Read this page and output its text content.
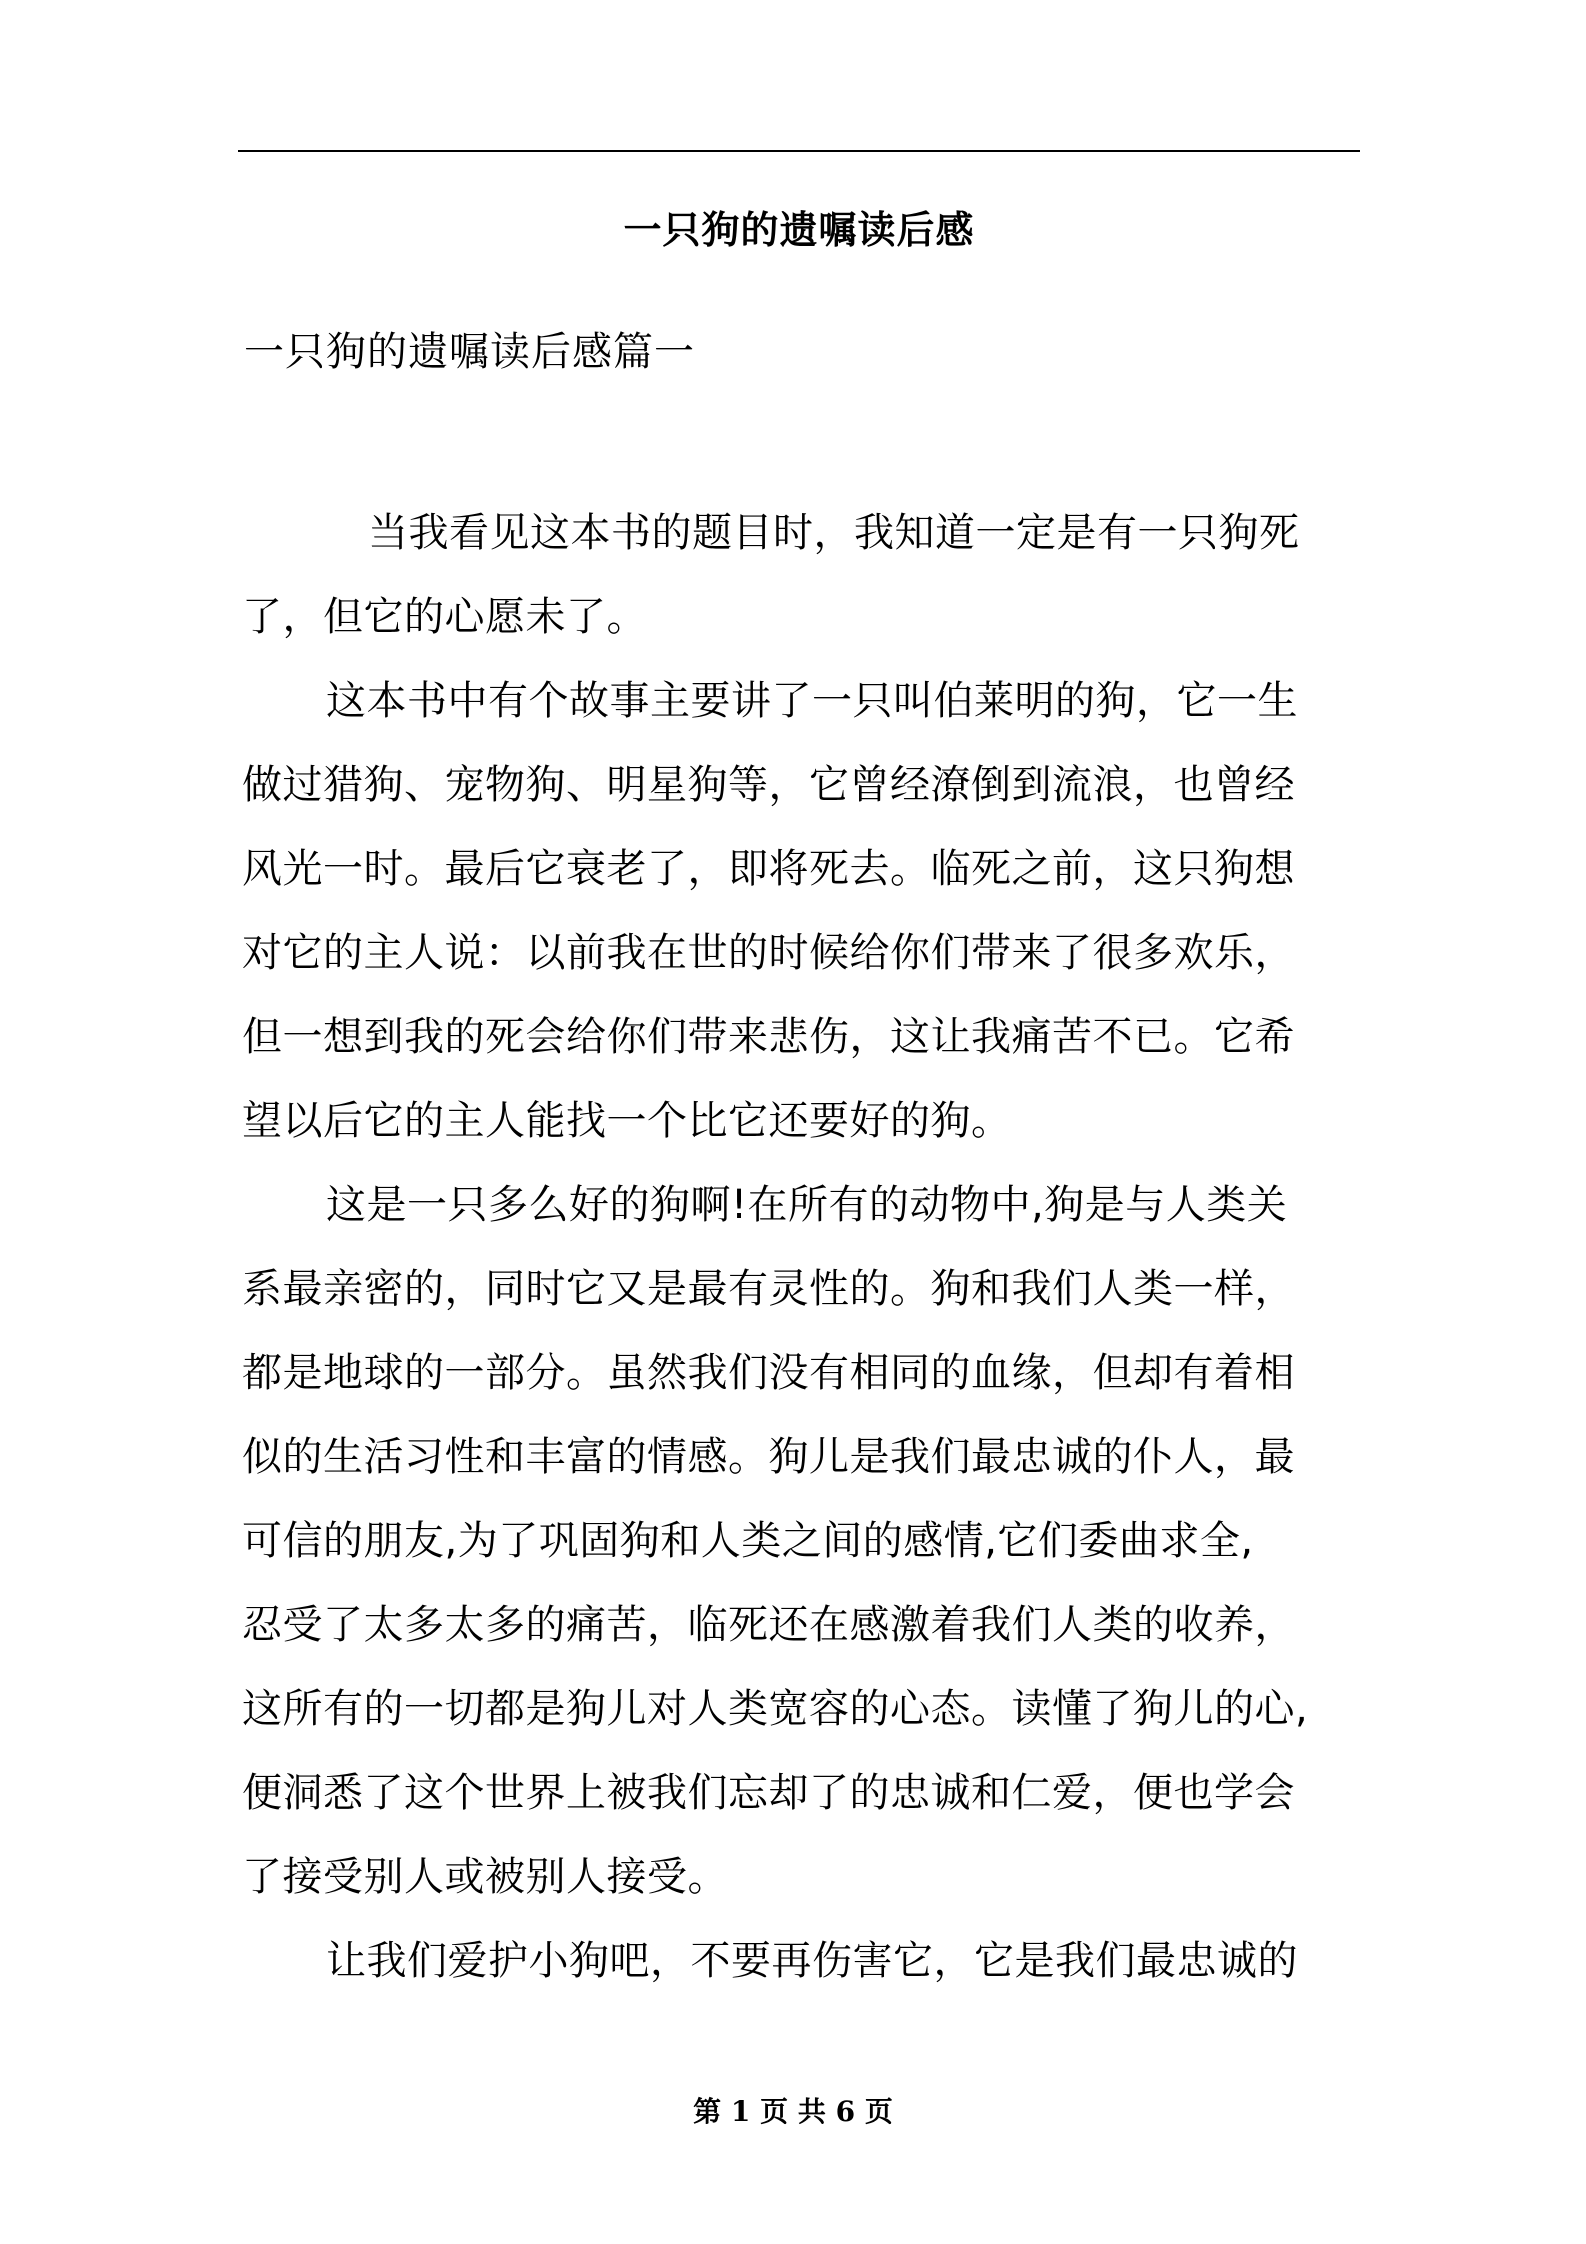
一只狗的遗嘱读后感
一只狗的遗嘱读后感篇一
当我看见这本书的题目时，我知道一定是有一只狗死
了，但它的心愿未了。
这本书中有个故事主要讲了一只叫伯莱明的狗，它一生
做过猎狗、宠物狗、明星狗等，它曾经潦倒到流浪，也曾经
风光一时。最后它衰老了，即将死去。临死之前，这只狗想
对它的主人说：以前我在世的时候给你们带来了很多欢乐，
但一想到我的死会给你们带来悲伤，这让我痛苦不已。它希
望以后它的主人能找一个比它还要好的狗。
这是一只多么好的狗啊!在所有的动物中,狗是与人类关
系最亲密的，同时它又是最有灵性的。狗和我们人类一样，
都是地球的一部分。虽然我们没有相同的血缘，但却有着相
似的生活习性和丰富的情感。狗儿是我们最忠诚的仆人，最
可信的朋友,为了巩固狗和人类之间的感情,它们委曲求全,
忍受了太多太多的痛苦，临死还在感激着我们人类的收养，
这所有的一切都是狗儿对人类宽容的心态。读懂了狗儿的心,
便洞悉了这个世界上被我们忘却了的忠诚和仁爱，便也学会
了接受别人或被别人接受。
让我们爱护小狗吧，不要再伤害它，它是我们最忠诚的
第 1 页 共 6 页
